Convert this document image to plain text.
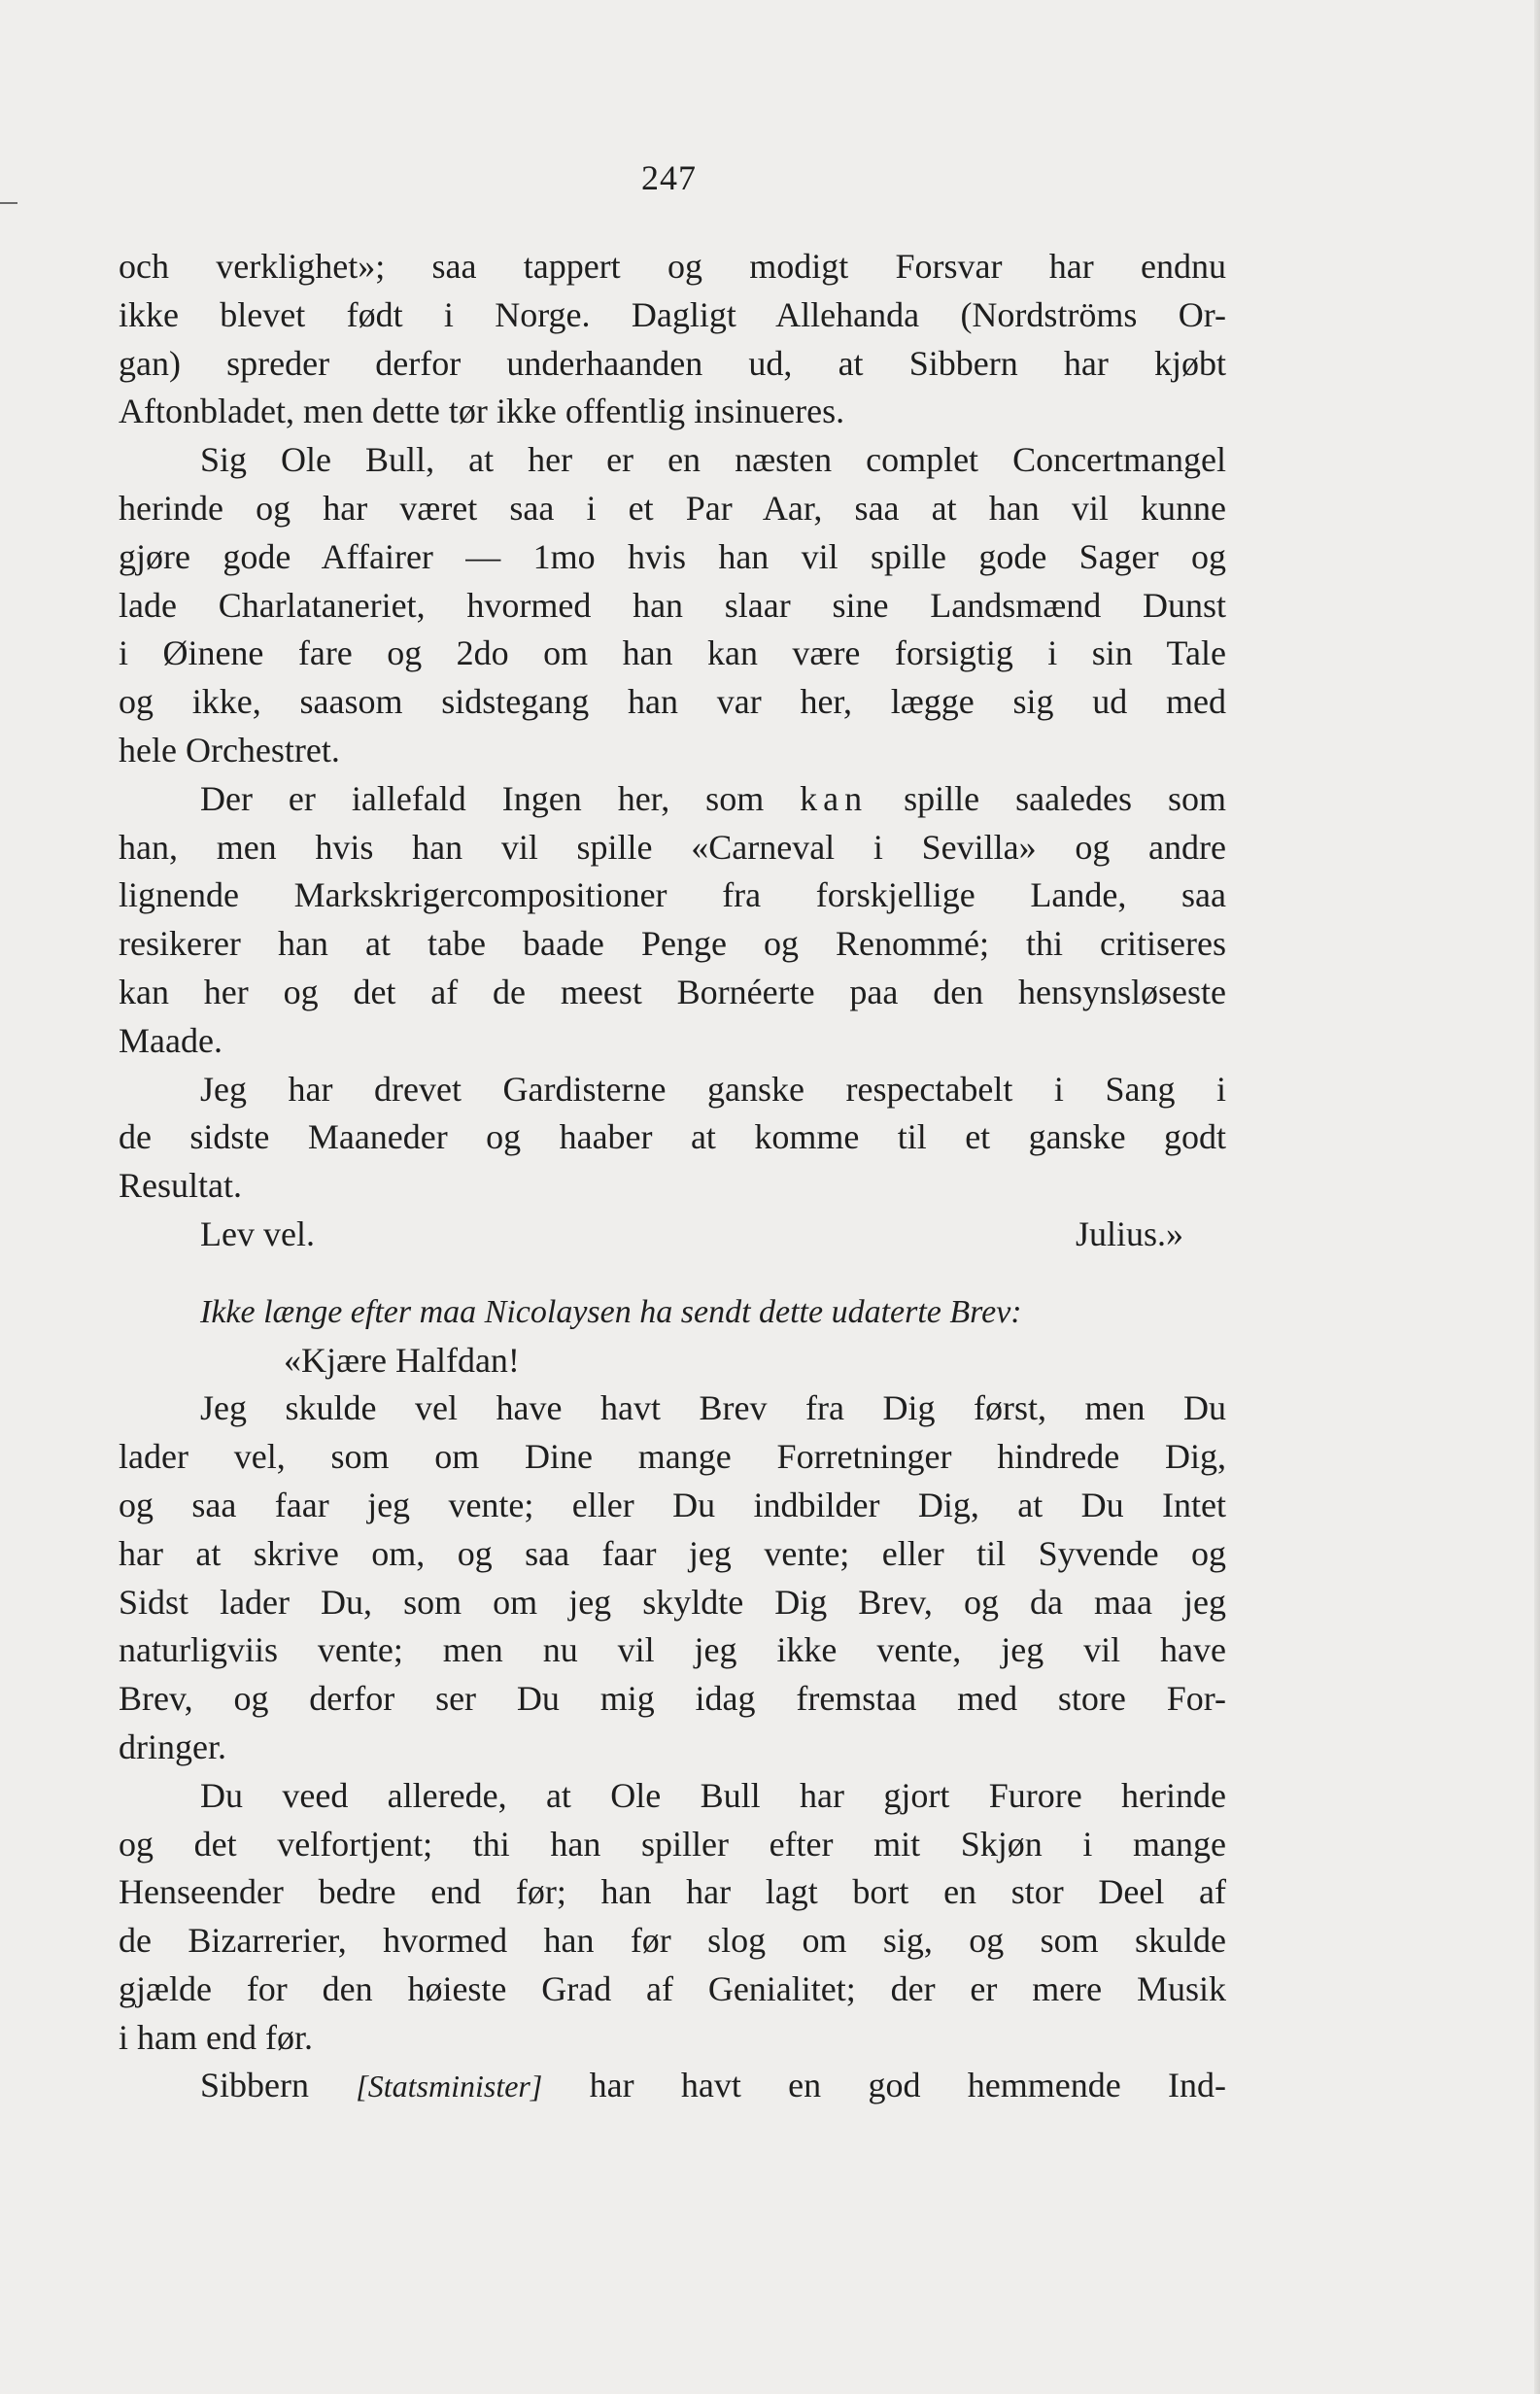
247
och verklighet»; saa tappert og modigt Forsvar har endnu
ikke blevet født i Norge. Dagligt Allehanda (Nordströms Or-
gan) spreder derfor underhaanden ud, at Sibbern har kjøbt
Aftonbladet, men dette tør ikke offentlig insinueres.
Sig Ole Bull, at her er en næsten complet Concertmangel
herinde og har været saa i et Par Aar, saa at han vil kunne
gjøre gode Affairer — 1mo hvis han vil spille gode Sager og
lade Charlataneriet, hvormed han slaar sine Landsmænd Dunst
i Øinene fare og 2do om han kan være forsigtig i sin Tale
og ikke, saasom sidstegang han var her, lægge sig ud med
hele Orchestret.
Der er iallefald Ingen her, som kan spille saaledes som
han, men hvis han vil spille «Carneval i Sevilla» og andre
lignende Markskrigercompositioner fra forskjellige Lande, saa
resikerer han at tabe baade Penge og Renommé; thi critiseres
kan her og det af de meest Bornéerte paa den hensynsløseste
Maade.
Jeg har drevet Gardisterne ganske respectabelt i Sang i
de sidste Maaneder og haaber at komme til et ganske godt
Resultat.
Lev vel.	Julius.»
Ikke længe efter maa Nicolaysen ha sendt dette udaterte Brev:
«Kjære Halfdan!
Jeg skulde vel have havt Brev fra Dig først, men Du
lader vel, som om Dine mange Forretninger hindrede Dig,
og saa faar jeg vente; eller Du indbilder Dig, at Du Intet
har at skrive om, og saa faar jeg vente; eller til Syvende og
Sidst lader Du, som om jeg skyldte Dig Brev, og da maa jeg
naturligviis vente; men nu vil jeg ikke vente, jeg vil have
Brev, og derfor ser Du mig idag fremstaa med store For-
dringer.
Du veed allerede, at Ole Bull har gjort Furore herinde
og det velfortjent; thi han spiller efter mit Skjøn i mange
Henseender bedre end før; han har lagt bort en stor Deel af
de Bizarrerier, hvormed han før slog om sig, og som skulde
gjælde for den høieste Grad af Genialitet; der er mere Musik
i ham end før.
Sibbern [Statsminister] har havt en god hemmende Ind-
